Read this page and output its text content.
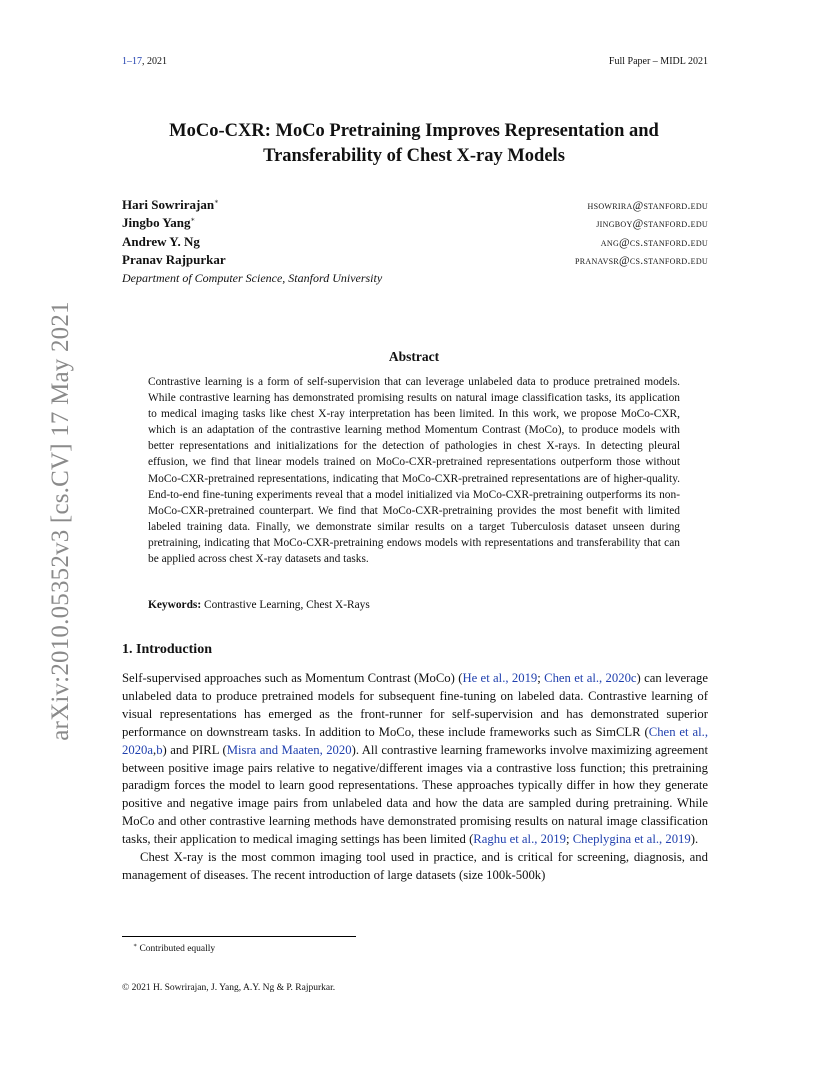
1–17, 2021	Full Paper – MIDL 2021
MoCo-CXR: MoCo Pretraining Improves Representation and
Transferability of Chest X-ray Models
Hari Sowrirajan∗	hsowrira@stanford.edu
Jingbo Yang∗	jingboy@stanford.edu
Andrew Y. Ng	ang@cs.stanford.edu
Pranav Rajpurkar	pranavsr@cs.stanford.edu
Department of Computer Science, Stanford University
Abstract
Contrastive learning is a form of self-supervision that can leverage unlabeled data to produce pretrained models. While contrastive learning has demonstrated promising results on natural image classification tasks, its application to medical imaging tasks like chest X-ray interpretation has been limited. In this work, we propose MoCo-CXR, which is an adaptation of the contrastive learning method Momentum Contrast (MoCo), to produce models with better representations and initializations for the detection of pathologies in chest X-rays. In detecting pleural effusion, we find that linear models trained on MoCo-CXR-pretrained representations outperform those without MoCo-CXR-pretrained representations, indicating that MoCo-CXR-pretrained representations are of higher-quality. End-to-end fine-tuning experiments reveal that a model initialized via MoCo-CXR-pretraining outperforms its non-MoCo-CXR-pretrained counterpart. We find that MoCo-CXR-pretraining provides the most benefit with limited labeled training data. Finally, we demonstrate similar results on a target Tuberculosis dataset unseen during pretraining, indicating that MoCo-CXR-pretraining endows models with representations and transferability that can be applied across chest X-ray datasets and tasks.
Keywords: Contrastive Learning, Chest X-Rays
1. Introduction

Self-supervised approaches such as Momentum Contrast (MoCo) (He et al., 2019; Chen et al., 2020c) can leverage unlabeled data to produce pretrained models for subsequent fine-tuning on labeled data. Contrastive learning of visual representations has emerged as the front-runner for self-supervision and has demonstrated superior performance on downstream tasks. In addition to MoCo, these include frameworks such as SimCLR (Chen et al., 2020a,b) and PIRL (Misra and Maaten, 2020). All contrastive learning frameworks involve maximizing agreement between positive image pairs relative to negative/different images via a contrastive loss function; this pretraining paradigm forces the model to learn good representations. These approaches typically differ in how they generate positive and negative image pairs from unlabeled data and how the data are sampled during pretraining. While MoCo and other contrastive learning methods have demonstrated promising results on natural image classification tasks, their application to medical imaging settings has been limited (Raghu et al., 2019; Cheplygina et al., 2019).

Chest X-ray is the most common imaging tool used in practice, and is critical for screening, diagnosis, and management of diseases. The recent introduction of large datasets (size 100k-500k)

∗ Contributed equally
© 2021 H. Sowrirajan, J. Yang, A.Y. Ng & P. Rajpurkar.
arXiv:2010.05352v3 [cs.CV] 17 May 2021
